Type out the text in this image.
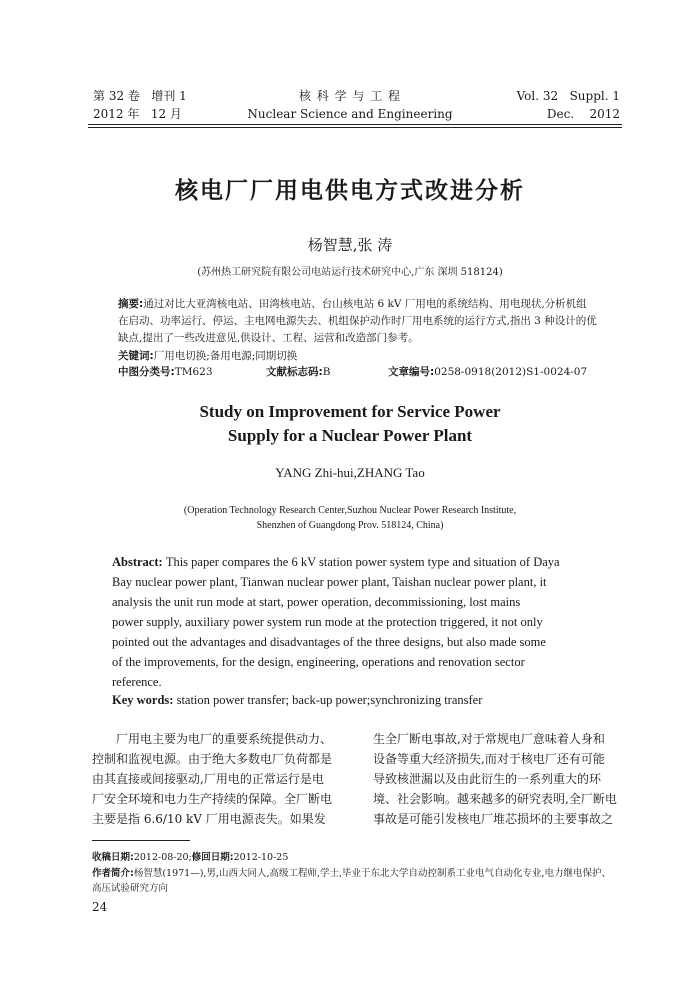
第 32 卷 增刊 1
2012 年 12 月
核 科 学 与 工 程
Nuclear Science and Engineering
Vol. 32 Suppl. 1
Dec. 2012
核电厂厂用电供电方式改进分析
杨智慧,张 涛
(苏州热工研究院有限公司电站运行技术研究中心,广东 深圳 518124)
摘要:通过对比大亚湾核电站、田湾核电站、台山核电站 6 kV 厂用电的系统结构、用电现状,分析机组
在启动、功率运行、停运、主电网电源失去、机组保护动作时厂用电系统的运行方式,指出 3 种设计的优
缺点,提出了一些改进意见,供设计、工程、运营和改造部门参考。
关键词:厂用电切换;备用电源;同期切换
中图分类号:TM623	文献标志码:B	文章编号:0258-0918(2012)S1-0024-07
Study on Improvement for Service Power
Supply for a Nuclear Power Plant
YANG Zhi-hui,ZHANG Tao
(Operation Technology Research Center,Suzhou Nuclear Power Research Institute,
Shenzhen of Guangdong Prov. 518124, China)
Abstract: This paper compares the 6 kV station power system type and situation of Daya
Bay nuclear power plant, Tianwan nuclear power plant, Taishan nuclear power plant, it
analysis the unit run mode at start, power operation, decommissioning, lost mains
power supply, auxiliary power system run mode at the protection triggered, it not only
pointed out the advantages and disadvantages of the three designs, but also made some
of the improvements, for the design, engineering, operations and renovation sector
reference.
Key words: station power transfer; back-up power;synchronizing transfer
厂用电主要为电厂的重要系统提供动力、
控制和监视电源。由于绝大多数电厂负荷都是
由其直接或间接驱动,厂用电的正常运行是电
厂安全环境和电力生产持续的保障。全厂断电
主要是指 6.6/10 kV 厂用电源丧失。如果发
生全厂断电事故,对于常规电厂意味着人身和
设备等重大经济损失,而对于核电厂还有可能
导致核泄漏以及由此衍生的一系列重大的环
境、社会影响。越来越多的研究表明,全厂断电
事故是可能引发核电厂堆芯损坏的主要事故之
收稿日期:2012-08-20;修回日期:2012-10-25
作者简介:杨智慧(1971—),男,山西大同人,高级工程师,学士,毕业于东北大学自动控制系工业电气自动化专业,电力继电保护、
高压试验研究方向
24
